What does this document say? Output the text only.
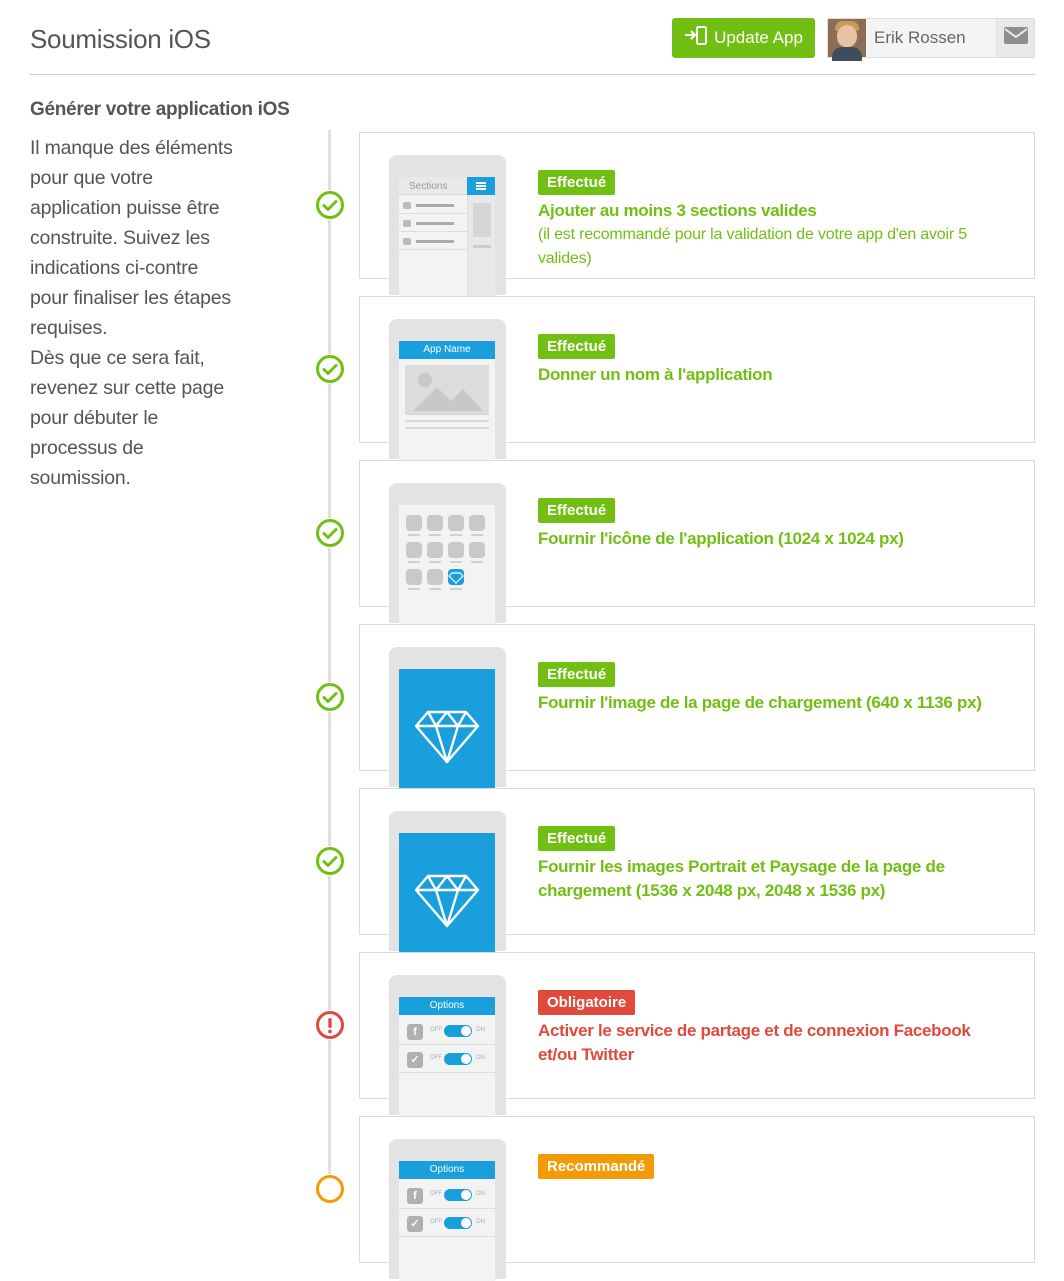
Soumission iOS	Update App	Erik Rossen
Générer votre application iOS

Il manque des éléments
pour que votre
application puisse être
construite. Suivez les
indications ci-contre
pour finaliser les étapes
requises.
Dès que ce sera fait,
revenez sur cette page
pour débuter le
processus de
soumission.

Sections	Effectué
Ajouter au moins 3 sections valides
(il est recommandé pour la validation de votre app d'en avoir 5 valides)
App Name	Effectué
Donner un nom à l'application
Effectué
Fournir l'icône de l'application (1024 x 1024 px)
Effectué
Fournir l'image de la page de chargement (640 x 1136 px)
Effectué
Fournir les images Portrait et Paysage de la page de chargement (1536 x 2048 px, 2048 x 1536 px)
Options
f	OFF	ON
✓	OFF	ON
Obligatoire
Activer le service de partage et de connexion Facebook et/ou Twitter
Options
f	OFF	ON
✓	OFF	ON
Recommandé
